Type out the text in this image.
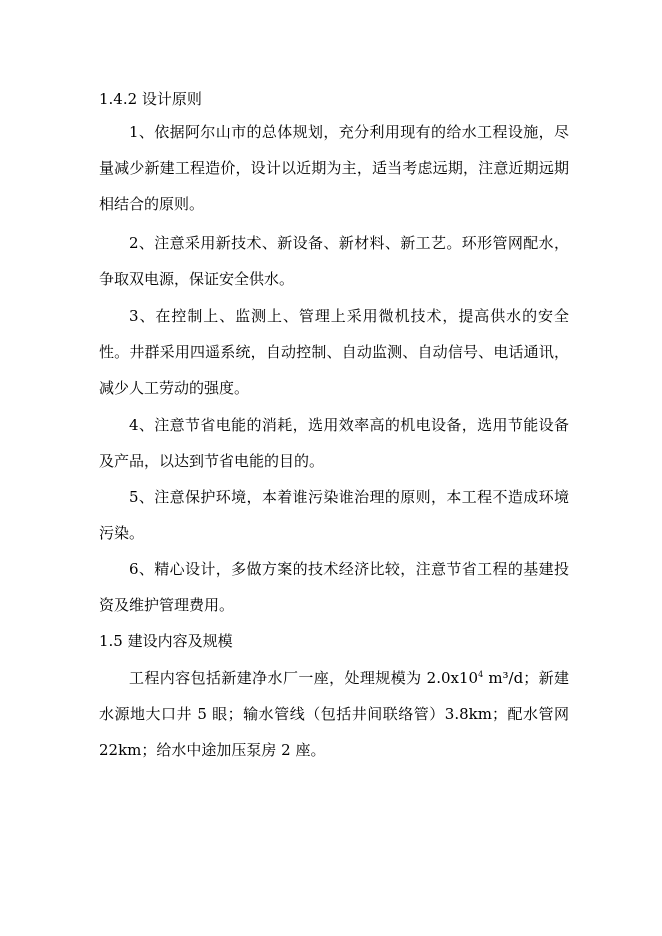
1.4.2 设计原则

1、依据阿尔山市的总体规划，充分利用现有的给水工程设施，尽量减少新建工程造价，设计以近期为主，适当考虑远期，注意近期远期相结合的原则。

2、注意采用新技术、新设备、新材料、新工艺。环形管网配水，争取双电源，保证安全供水。

3、在控制上、监测上、管理上采用微机技术，提高供水的安全性。井群采用四遥系统，自动控制、自动监测、自动信号、电话通讯，减少人工劳动的强度。

4、注意节省电能的消耗，选用效率高的机电设备，选用节能设备及产品，以达到节省电能的目的。

5、注意保护环境，本着谁污染谁治理的原则，本工程不造成环境污染。

6、精心设计，多做方案的技术经济比较，注意节省工程的基建投资及维护管理费用。

1.5 建设内容及规模

工程内容包括新建净水厂一座，处理规模为 $2.0x10^4$ m³/d；新建水源地大口井 5 眼；输水管线（包括井间联络管）3.8km；配水管网 22km；给水中途加压泵房 2 座。
